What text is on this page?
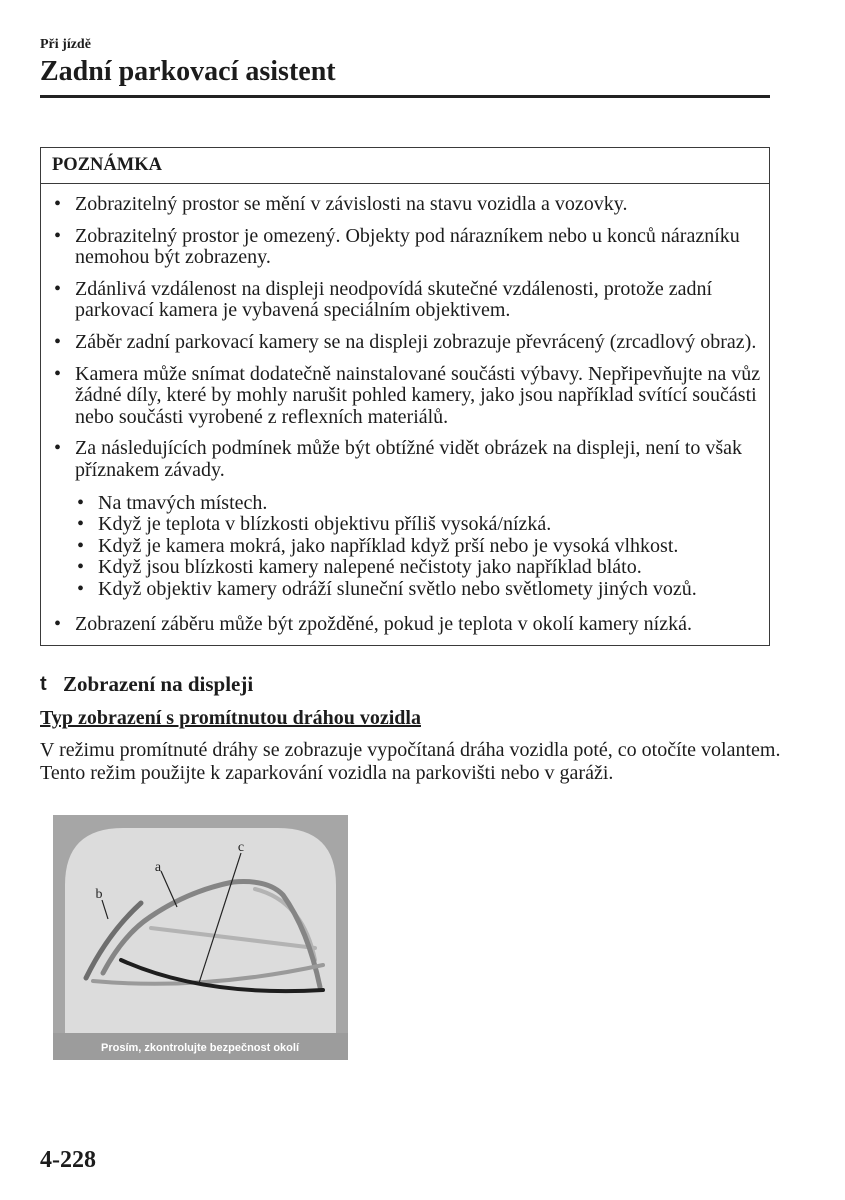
Při jízdě
Zadní parkovací asistent
POZNÁMKA
• Zobrazitelný prostor se mění v závislosti na stavu vozidla a vozovky.
• Zobrazitelný prostor je omezený. Objekty pod nárazníkem nebo u konců nárazníku
nemohou být zobrazeny.
• Zdánlivá vzdálenost na displeji neodpovídá skutečné vzdálenosti, protože zadní
parkovací kamera je vybavená speciálním objektivem.
• Záběr zadní parkovací kamery se na displeji zobrazuje převrácený (zrcadlový obraz).
• Kamera může snímat dodatečně nainstalované součásti výbavy. Nepřipevňujte na vůz
žádné díly, které by mohly narušit pohled kamery, jako jsou například svítící součásti
nebo součásti vyrobené z reflexních materiálů.
• Za následujících podmínek může být obtížné vidět obrázek na displeji, není to však
příznakem závady.
• Na tmavých místech.
• Když je teplota v blízkosti objektivu příliš vysoká/nízká.
• Když je kamera mokrá, jako například když prší nebo je vysoká vlhkost.
• Když jsou blízkosti kamery nalepené nečistoty jako například bláto.
• Když objektiv kamery odráží sluneční světlo nebo světlomety jiných vozů.
• Zobrazení záběru může být zpožděné, pokud je teplota v okolí kamery nízká.
t Zobrazení na displeji
Typ zobrazení s promítnutou dráhou vozidla
V režimu promítnuté dráhy se zobrazuje vypočítaná dráha vozidla poté, co otočíte volantem.
Tento režim použijte k zaparkování vozidla na parkovišti nebo v garáži.
a
b
c
Prosím, zkontrolujte bezpečnost okolí
4-228
